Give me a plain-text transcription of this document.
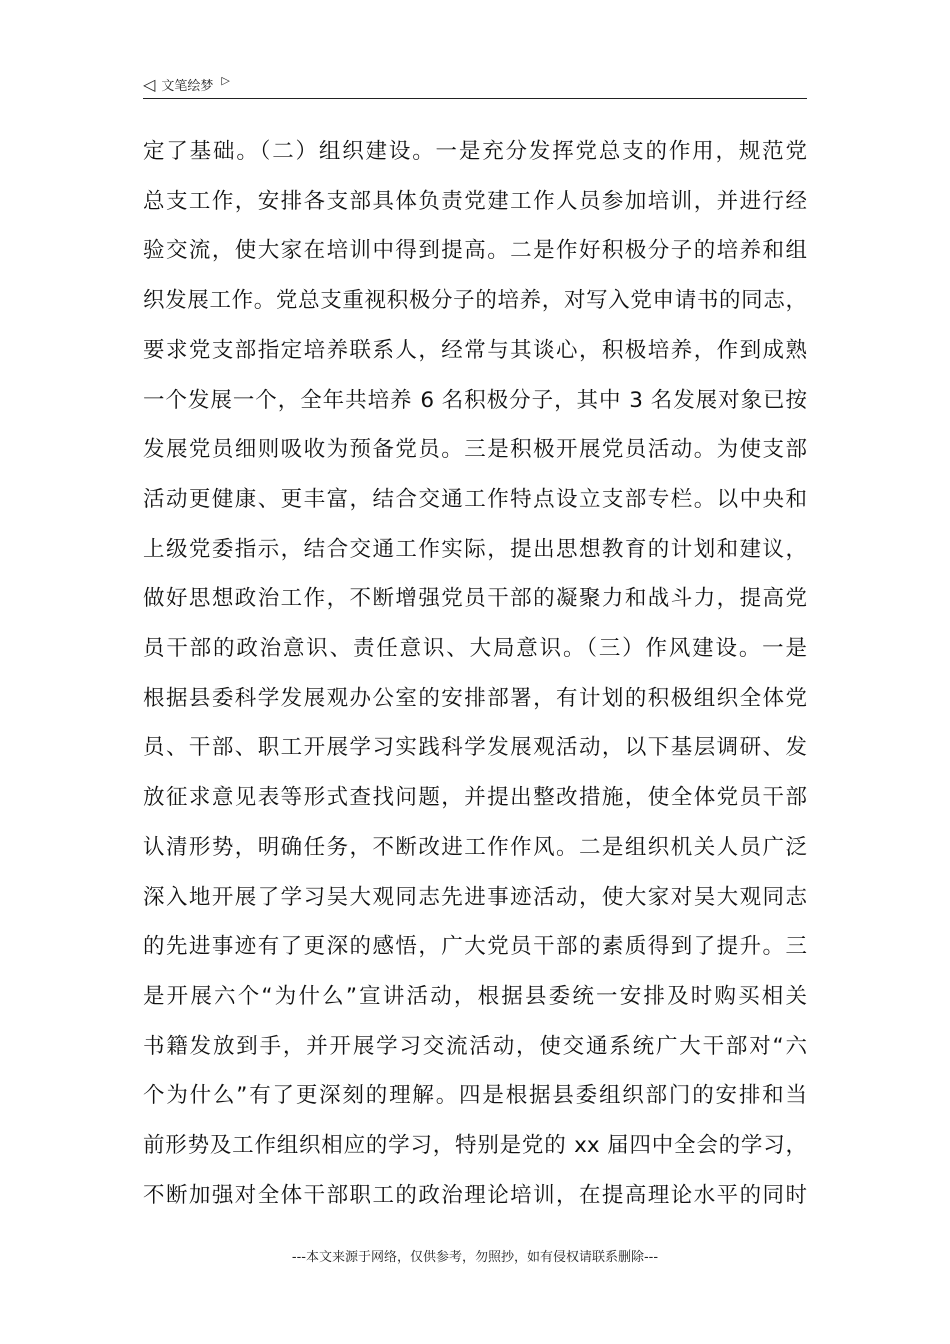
◁ 文笔绘梦 ▷
定了基础。（二）组织建设。一是充分发挥党总支的作用，规范党
总支工作，安排各支部具体负责党建工作人员参加培训，并进行经
验交流，使大家在培训中得到提高。二是作好积极分子的培养和组
织发展工作。党总支重视积极分子的培养，对写入党申请书的同志，
要求党支部指定培养联系人，经常与其谈心，积极培养，作到成熟
一个发展一个，全年共培养 6 名积极分子，其中 3 名发展对象已按
发展党员细则吸收为预备党员。三是积极开展党员活动。为使支部
活动更健康、更丰富，结合交通工作特点设立支部专栏。以中央和
上级党委指示，结合交通工作实际，提出思想教育的计划和建议，
做好思想政治工作，不断增强党员干部的凝聚力和战斗力，提高党
员干部的政治意识、责任意识、大局意识。（三）作风建设。一是
根据县委科学发展观办公室的安排部署，有计划的积极组织全体党
员、干部、职工开展学习实践科学发展观活动，以下基层调研、发
放征求意见表等形式查找问题，并提出整改措施，使全体党员干部
认清形势，明确任务，不断改进工作作风。二是组织机关人员广泛
深入地开展了学习吴大观同志先进事迹活动，使大家对吴大观同志
的先进事迹有了更深的感悟，广大党员干部的素质得到了提升。三
是开展六个“为什么”宣讲活动，根据县委统一安排及时购买相关
书籍发放到手，并开展学习交流活动，使交通系统广大干部对“六
个为什么”有了更深刻的理解。四是根据县委组织部门的安排和当
前形势及工作组织相应的学习，特别是党的 xx 届四中全会的学习，
不断加强对全体干部职工的政治理论培训，在提高理论水平的同时
---本文来源于网络，仅供参考，勿照抄，如有侵权请联系删除---
